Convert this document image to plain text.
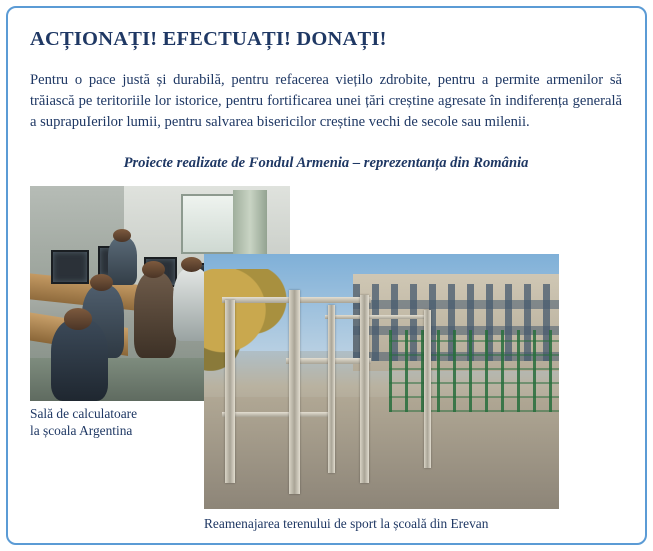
ACȚIONAȚI! EFECTUAȚI! DONAȚI!

Pentru o pace justă și durabilă, pentru refacerea viețilo zdrobite, pentru a permite armenilor să trăiască pe teritoriile lor istorice, pentru fortificarea unei țări creștine agresate în indiferența generală a suprapuIerilor lumii, pentru salvarea bisericilor creștine vechi de secole sau milenii.

Proiecte realizate de Fondul Armenia – reprezentanța din România

Sală de calculatoare
la școala Argentina
Reamenajarea terenului de sport la școală din Erevan
